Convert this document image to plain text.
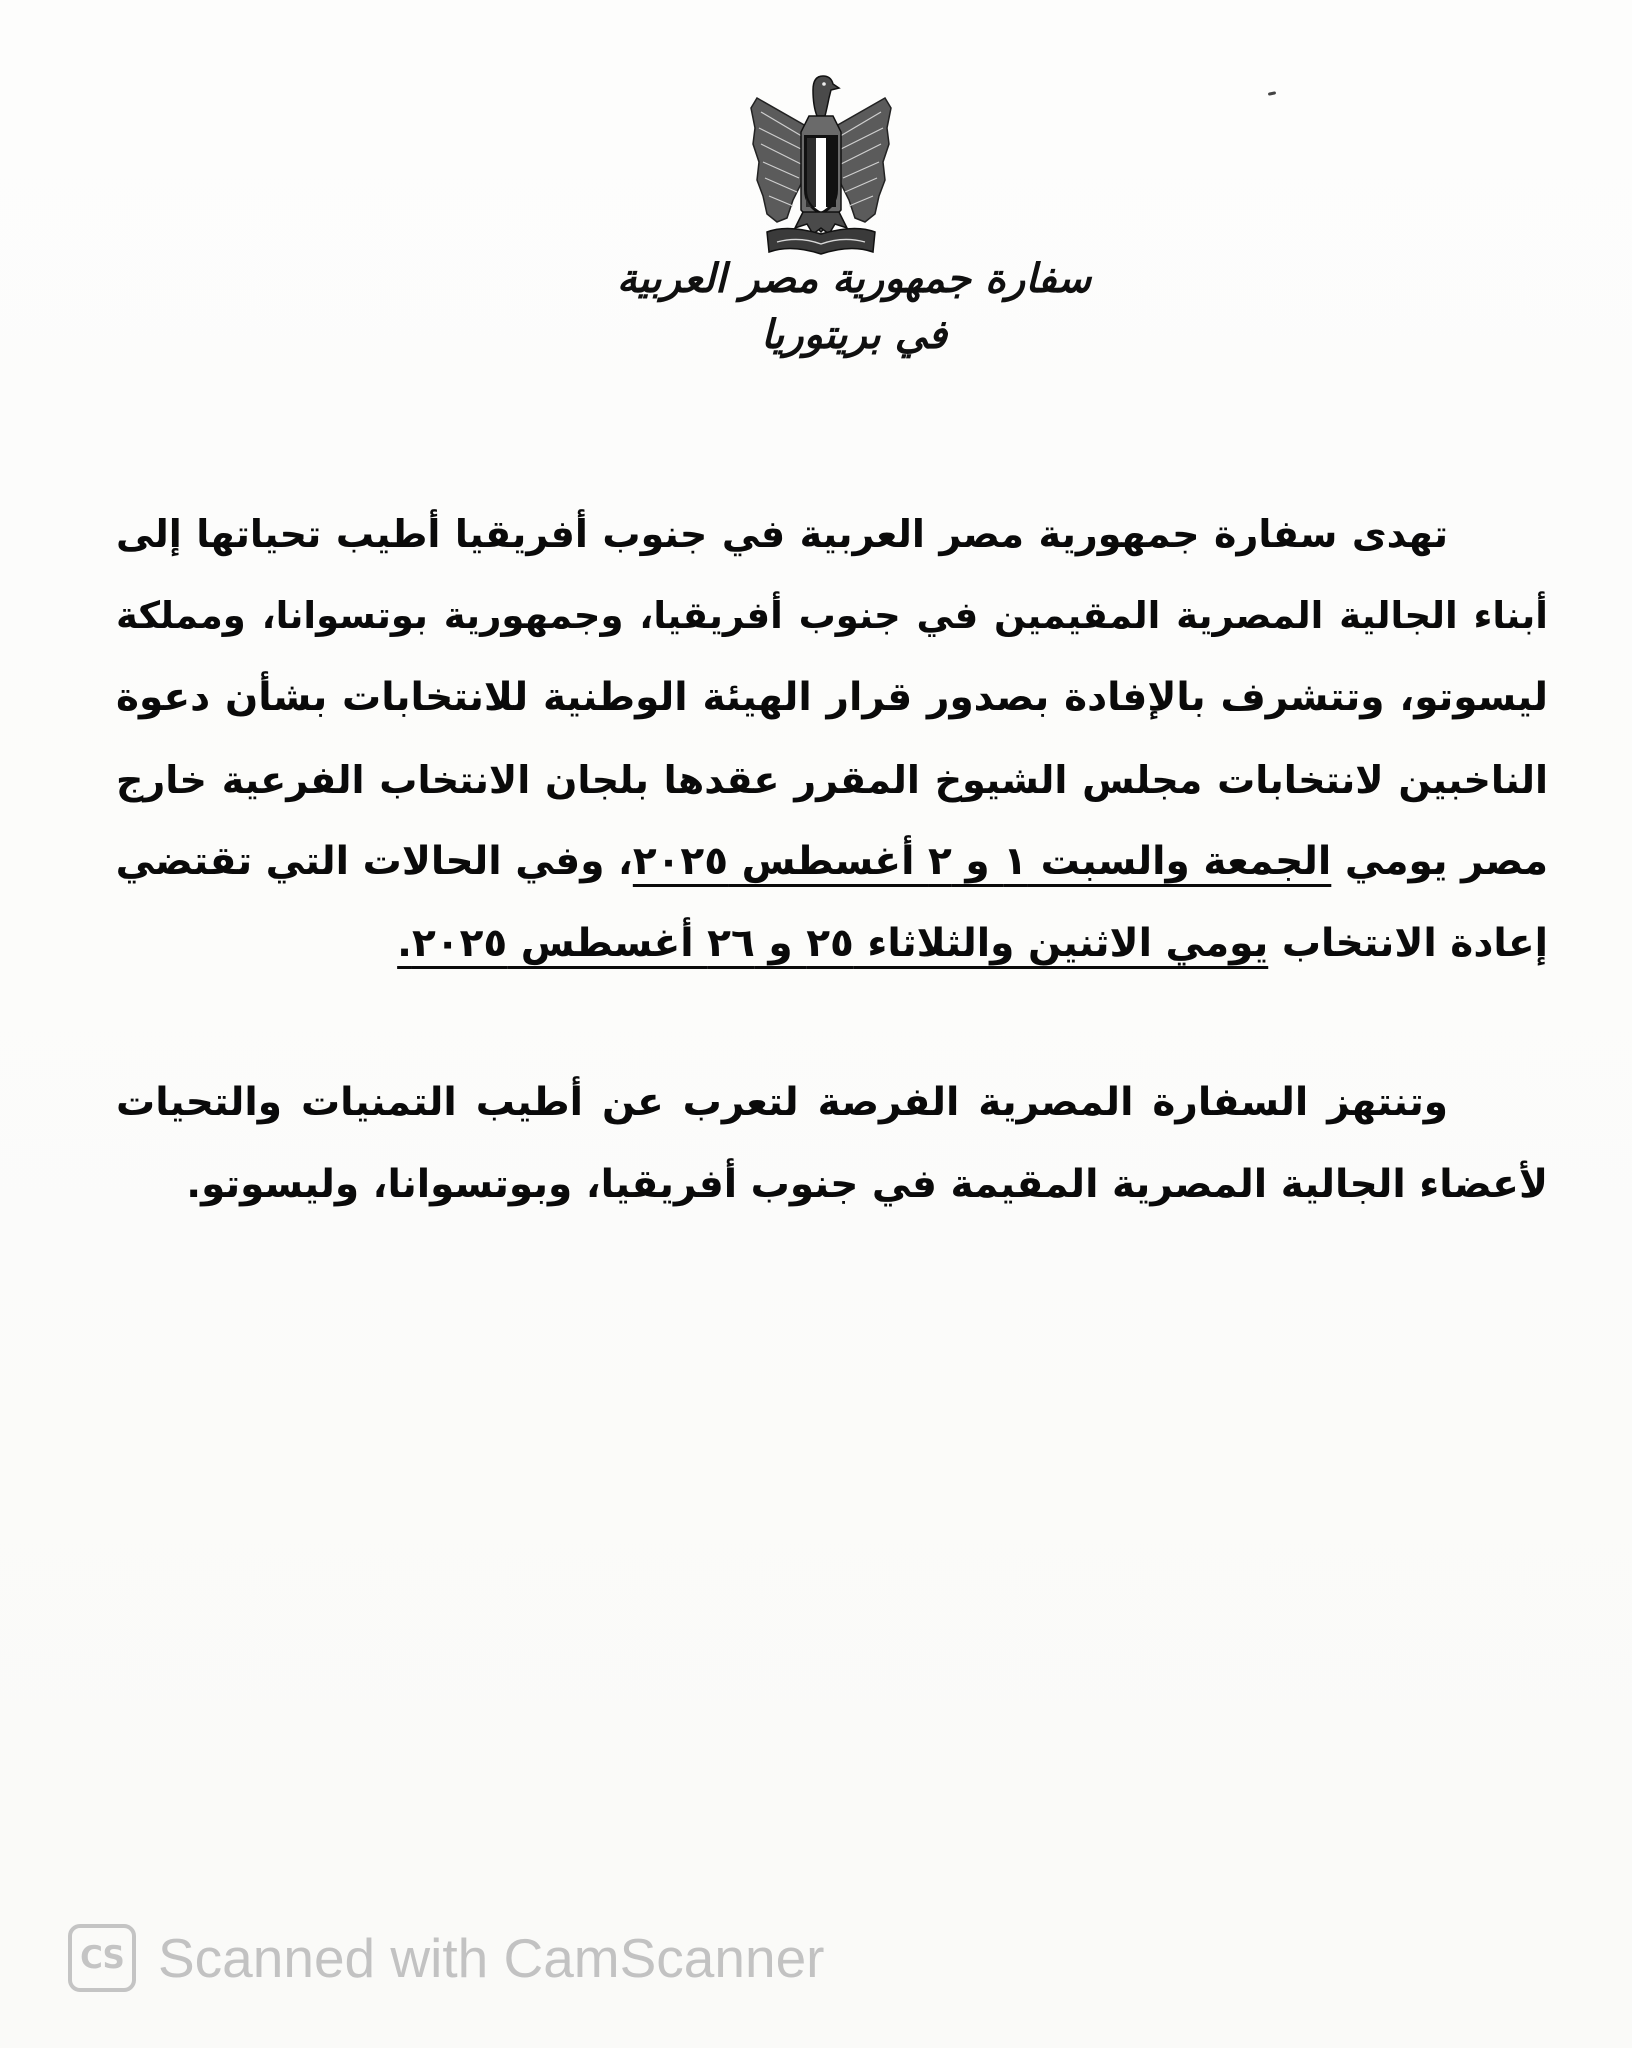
سفارة جمهورية مصر العربية
في بريتوريا
تهدى سفارة جمهورية مصر العربية في جنوب أفريقيا أطيب تحياتها إلى
أبناء الجالية المصرية المقيمين في جنوب أفريقيا، وجمهورية بوتسوانا، ومملكة
ليسوتو، وتتشرف بالإفادة بصدور قرار الهيئة الوطنية للانتخابات بشأن دعوة
الناخبين لانتخابات مجلس الشيوخ المقرر عقدها بلجان الانتخاب الفرعية خارج
مصر يومي الجمعة والسبت ١ و ٢ أغسطس ٢٠٢٥، وفي الحالات التي تقتضي
إعادة الانتخاب يومي الاثنين والثلاثاء ٢٥ و ٢٦ أغسطس ٢٠٢٥.
وتنتهز السفارة المصرية الفرصة لتعرب عن أطيب التمنيات والتحيات
لأعضاء الجالية المصرية المقيمة في جنوب أفريقيا، وبوتسوانا، وليسوتو.
CS Scanned with CamScanner
